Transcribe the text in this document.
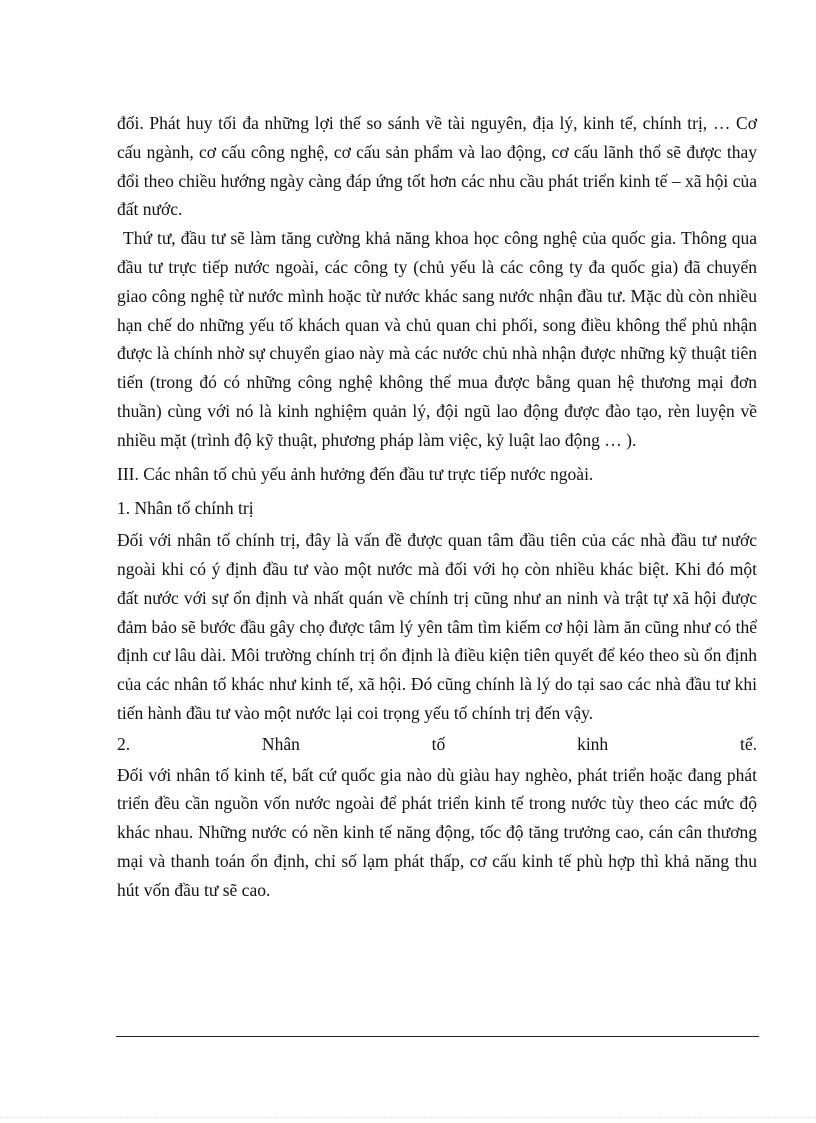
đối. Phát huy tối đa những lợi thế so sánh về tài nguyên, địa lý, kinh tế, chính trị, … Cơ cấu ngành, cơ cấu công nghệ, cơ cấu sản phẩm và lao động, cơ cấu lãnh thổ sẽ được thay đổi theo chiều hướng ngày càng đáp ứng tốt hơn các nhu cầu phát triển kinh tế – xã hội của đất nước.

Thứ tư, đầu tư sẽ làm tăng cường khả năng khoa học công nghệ của quốc gia. Thông qua đầu tư trực tiếp nước ngoài, các công ty (chủ yếu là các công ty đa quốc gia) đã chuyển giao công nghệ từ nước mình hoặc từ nước khác sang nước nhận đầu tư. Mặc dù còn nhiều hạn chế do những yếu tố khách quan và chủ quan chi phối, song điều không thể phủ nhận được là chính nhờ sự chuyển giao này mà các nước chủ nhà nhận được những kỹ thuật tiên tiến (trong đó có những công nghệ không thể mua được bằng quan hệ thương mại đơn thuần) cùng với nó là kinh nghiệm quản lý, đội ngũ lao động được đào tạo, rèn luyện về nhiều mặt (trình độ kỹ thuật, phương pháp làm việc, kỷ luật lao động … ).

III. Các nhân tố chủ yếu ảnh hưởng đến đầu tư trực tiếp nước ngoài.

1. Nhân tố chính trị

Đối với nhân tố chính trị, đây là vấn đề được quan tâm đầu tiên của các nhà đầu tư nước ngoài khi có ý định đầu tư vào một nước mà đối với họ còn nhiều khác biệt. Khi đó một đất nước với sự ổn định và nhất quán về chính trị cũng như an ninh và trật tự xã hội được đảm bảo sẽ bước đầu gây chọ được tâm lý yên tâm tìm kiếm cơ hội làm ăn cũng như có thể định cư lâu dài. Môi trường chính trị ổn định là điều kiện tiên quyết để kéo theo sù ổn định của các nhân tố khác như kinh tế, xã hội. Đó cũng chính là lý do tại sao các nhà đầu tư khi tiến hành đầu tư vào một nước lại coi trọng yếu tố chính trị đến vậy.

2. Nhân tố kinh tế.

Đối với nhân tố kinh tế, bất cứ quốc gia nào dù giàu hay nghèo, phát triển hoặc đang phát triển đều cần nguồn vốn nước ngoài để phát triển kinh tế trong nước tùy theo các mức độ khác nhau. Những nước có nền kinh tế năng động, tốc độ tăng trưởng cao, cán cân thương mại và thanh toán ổn định, chỉ số lạm phát thấp, cơ cấu kinh tế phù hợp thì khả năng thu hút vốn đầu tư sẽ cao.
